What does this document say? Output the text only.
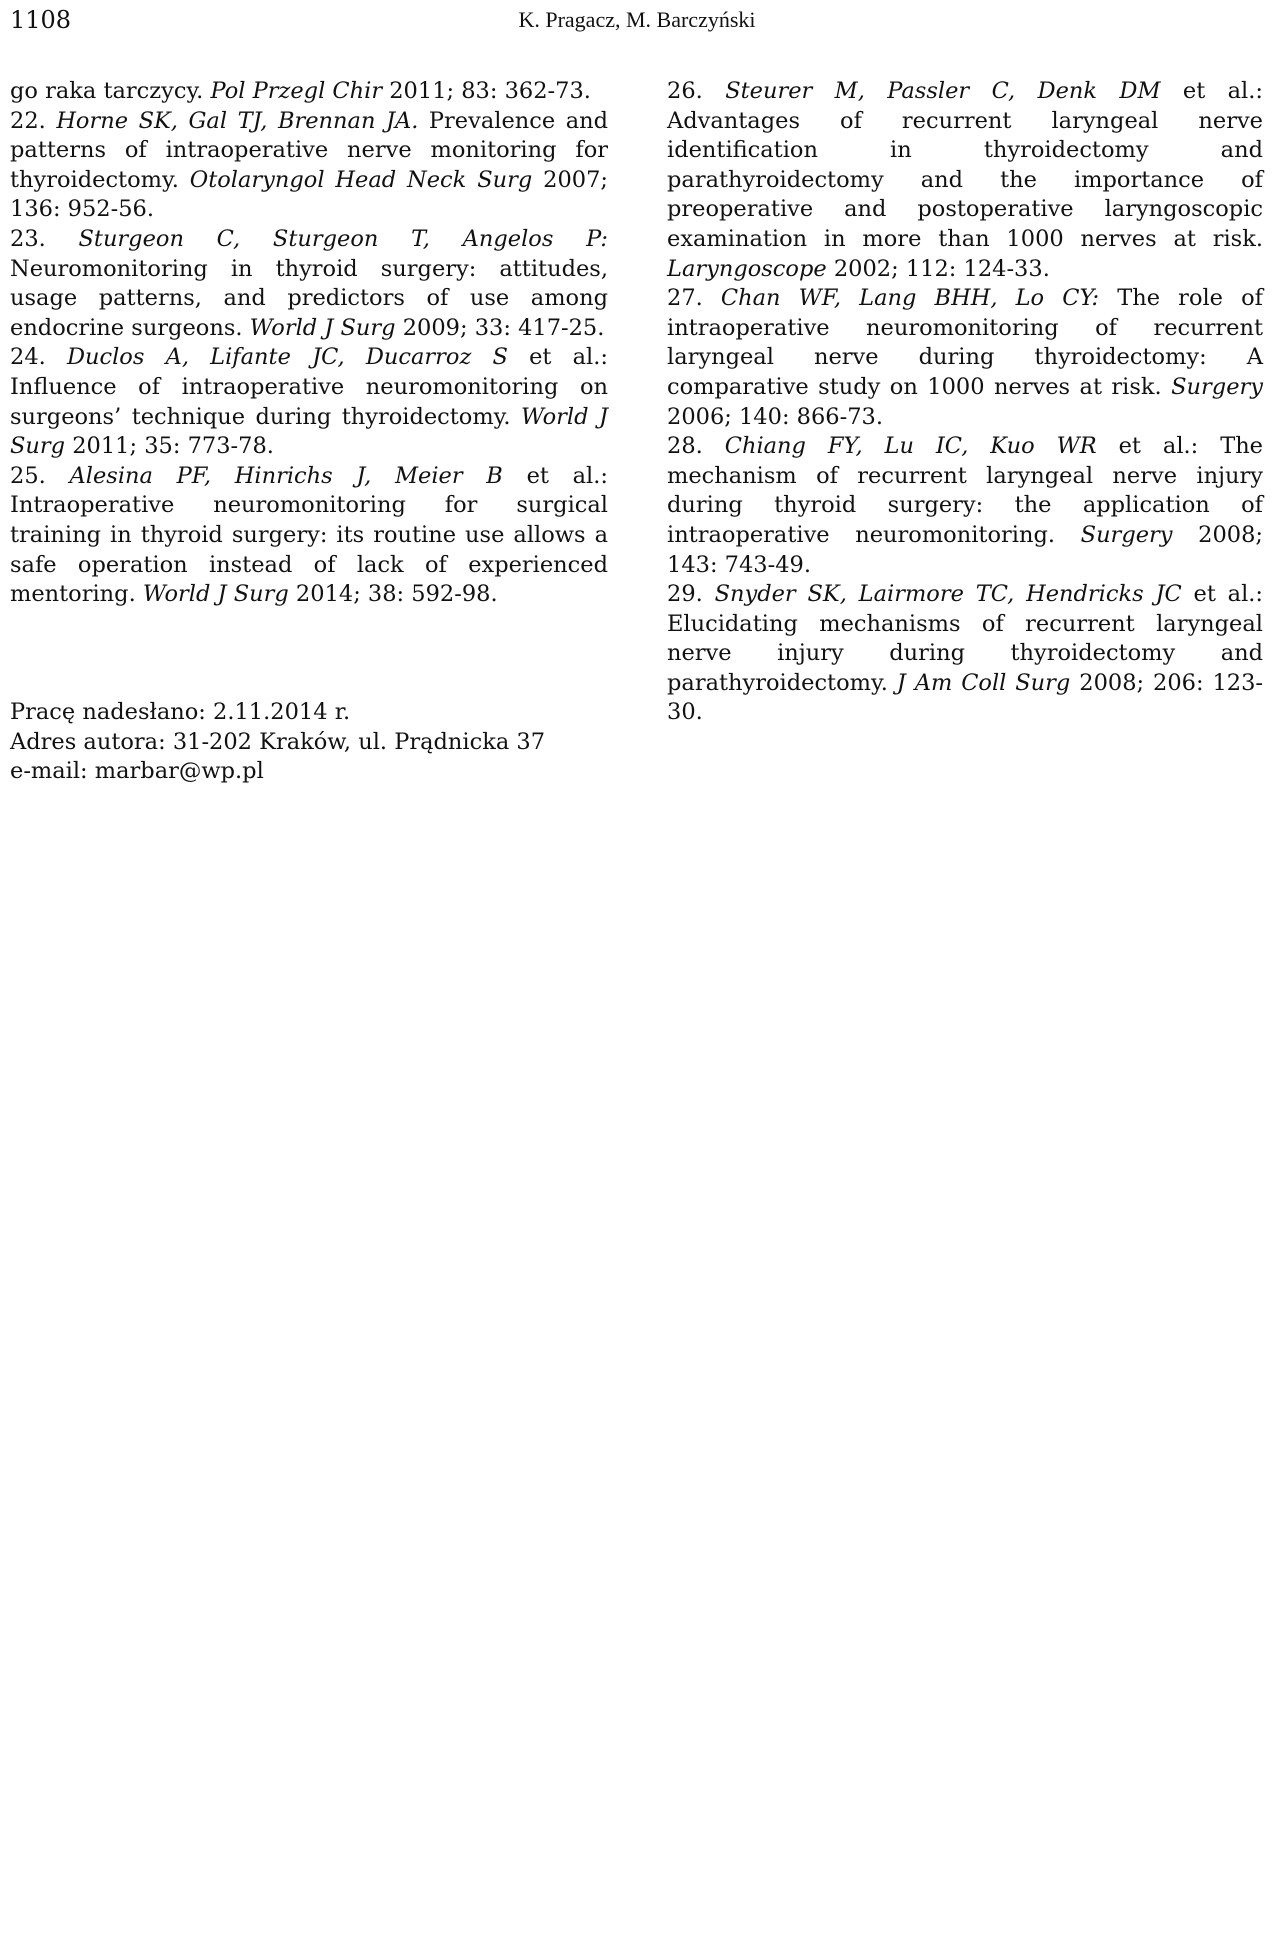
1108	K. Pragacz, M. Barczyński

go raka tarczycy. Pol Przegl Chir 2011; 83: 362-73.

22. Horne SK, Gal TJ, Brennan JA. Prevalence and patterns of intraoperative nerve monitoring for thyroidectomy. Otolaryngol Head Neck Surg 2007; 136: 952-56.

23. Sturgeon C, Sturgeon T, Angelos P: Neuromonitoring in thyroid surgery: attitudes, usage patterns, and predictors of use among endocrine surgeons. World J Surg 2009; 33: 417-25.

24. Duclos A, Lifante JC, Ducarroz S et al.: Influence of intraoperative neuromonitoring on surgeons’ technique during thyroidectomy. World J Surg 2011; 35: 773-78.

25. Alesina PF, Hinrichs J, Meier B et al.: Intraoperative neuromonitoring for surgical training in thyroid surgery: its routine use allows a safe operation instead of lack of experienced mentoring. World J Surg 2014; 38: 592-98.

26. Steurer M, Passler C, Denk DM et al.: Advantages of recurrent laryngeal nerve identification in thyroidectomy and parathyroidectomy and the importance of preoperative and postoperative laryngoscopic examination in more than 1000 nerves at risk. Laryngoscope 2002; 112: 124-33.

27. Chan WF, Lang BHH, Lo CY: The role of intraoperative neuromonitoring of recurrent laryngeal nerve during thyroidectomy: A comparative study on 1000 nerves at risk. Surgery 2006; 140: 866-73.

28. Chiang FY, Lu IC, Kuo WR et al.: The mechanism of recurrent laryngeal nerve injury during thyroid surgery: the application of intraoperative neuromonitoring. Surgery 2008; 143: 743-49.

29. Snyder SK, Lairmore TC, Hendricks JC et al.: Elucidating mechanisms of recurrent laryngeal nerve injury during thyroidectomy and parathyroidectomy. J Am Coll Surg 2008; 206: 123-30.

Pracę nadesłano: 2.11.2014 r.
Adres autora: 31-202 Kraków, ul. Prądnicka 37
e-mail: marbar@wp.pl
